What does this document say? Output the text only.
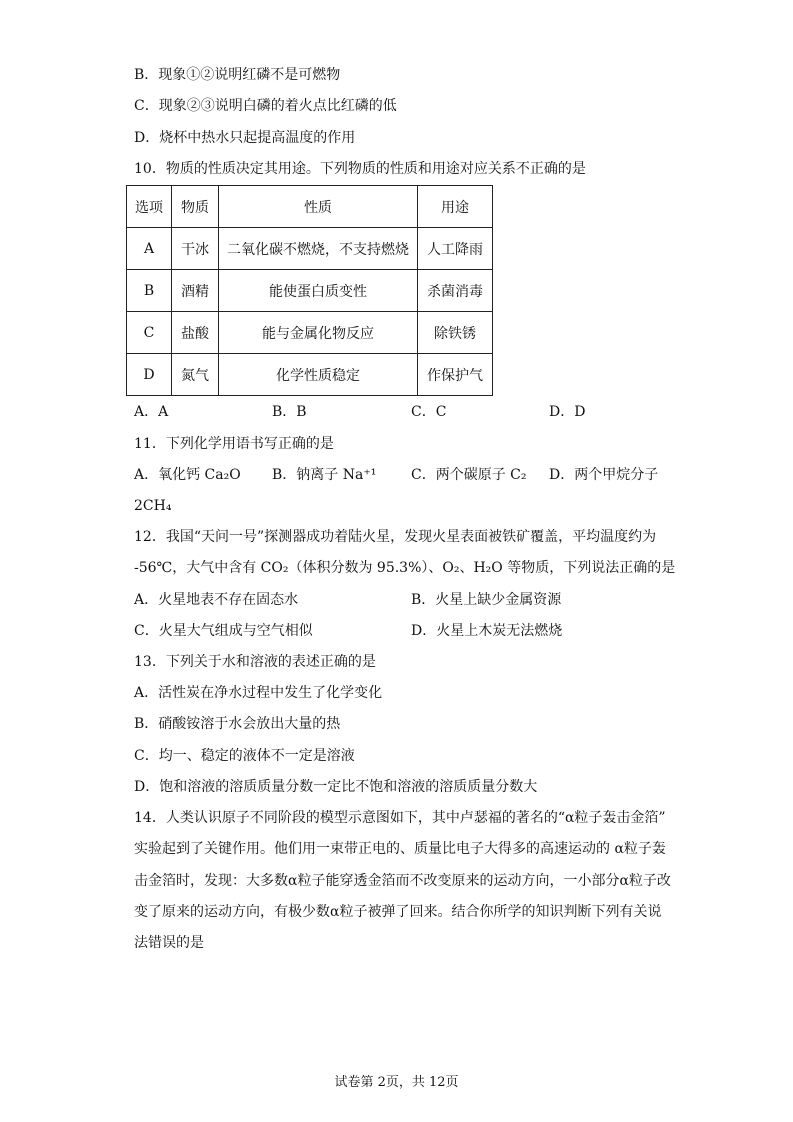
B．现象①②说明红磷不是可燃物
C．现象②③说明白磷的着火点比红磷的低
D．烧杯中热水只起提高温度的作用
10．物质的性质决定其用途。下列物质的性质和用途对应关系不正确的是
选项	物质	性质	用途
A	干冰	二氧化碳不燃烧，不支持燃烧	人工降雨
B	酒精	能使蛋白质变性	杀菌消毒
C	盐酸	能与金属化物反应	除铁锈
D	氮气	化学性质稳定	作保护气
A．A	B．B	C．C	D．D
11．下列化学用语书写正确的是
A．氧化钙 Ca₂O B．钠离子 Na⁺¹ C．两个碳原子 C₂ D．两个甲烷分子
2CH₄
12．我国“天问一号”探测器成功着陆火星，发现火星表面被铁矿覆盖，平均温度约为
-56℃，大气中含有 CO₂（体积分数为 95.3%）、O₂、H₂O 等物质，下列说法正确的是
A．火星地表不存在固态水	B．火星上缺少金属资源
C．火星大气组成与空气相似	D．火星上木炭无法燃烧
13．下列关于水和溶液的表述正确的是
A．活性炭在净水过程中发生了化学变化
B．硝酸铵溶于水会放出大量的热
C．均一、稳定的液体不一定是溶液
D．饱和溶液的溶质质量分数一定比不饱和溶液的溶质质量分数大
14．人类认识原子不同阶段的模型示意图如下，其中卢瑟福的著名的“α粒子轰击金箔”
实验起到了关键作用。他们用一束带正电的、质量比电子大得多的高速运动的 α粒子轰
击金箔时，发现：大多数α粒子能穿透金箔而不改变原来的运动方向，一小部分α粒子改
变了原来的运动方向，有极少数α粒子被弹了回来。结合你所学的知识判断下列有关说
法错误的是
试卷第 2页，共 12页
